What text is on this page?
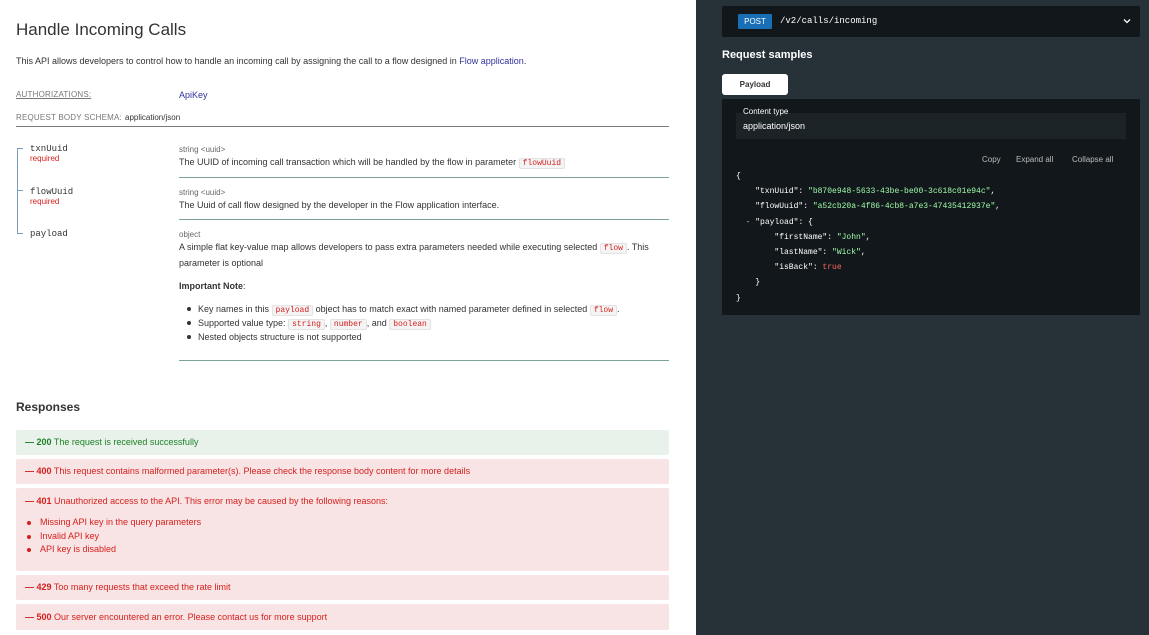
Handle Incoming Calls

This API allows developers to control how to handle an incoming call by assigning the call to a flow designed in Flow application.

AUTHORIZATIONS:	ApiKey
REQUEST BODY SCHEMA: application/json
txnUuid
required
string <uuid>
The UUID of incoming call transaction which will be handled by the flow in parameter flowUuid
flowUuid
required
string <uuid>
The Uuid of call flow designed by the developer in the Flow application interface.
payload	object
A simple flat key-value map allows developers to pass extra parameters needed while executing selected flow . This
parameter is optional
Important Note:
Key names in this payload object has to match exact with named parameter defined in selected flow .
Supported value type: string , number , and boolean
Nested objects structure is not supported
Responses
— 200 The request is received successfully
— 400 This request contains malformed parameter(s). Please check the response body content for more details
— 401 Unauthorized access to the API. This error may be caused by the following reasons:
Missing API key in the query parameters
Invalid API key
API key is disabled
— 429 Too many requests that exceed the rate limit
— 500 Our server encountered an error. Please contact us for more support
POST	/v2/calls/incoming
Request samples
Payload
Content type
application/json
Copy Expand all Collapse all
{
"txnUuid": "b870e948-5633-43be-be00-3c618c01e94c",
"flowUuid": "a52cb20a-4f86-4cb8-a7e3-47435412937e",
- "payload": {
"firstName": "John",
"lastName": "Wick",
"isBack": true
}
}
